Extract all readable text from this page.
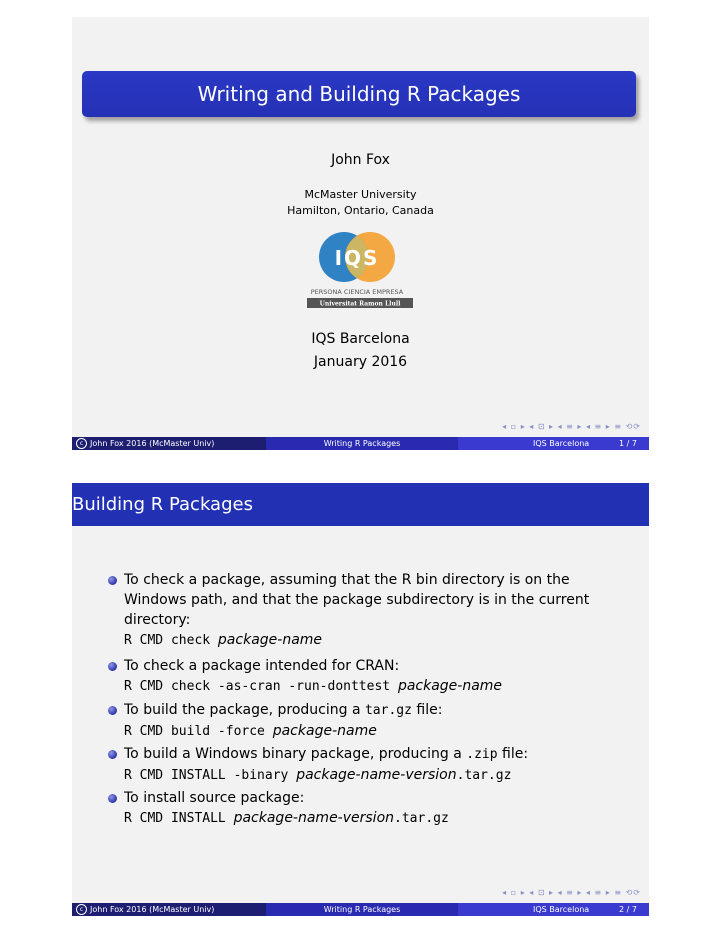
Writing and Building R Packages
John Fox
McMaster University
Hamilton, Ontario, Canada
IQS
PERSONA CIENCIA EMPRESA
Universitat Ramon Llull
IQS Barcelona
January 2016
◂ ▫ ▸ ◂ ⊡ ▸ ◂ ≡ ▸ ◂ ≡ ▸ ≡ ⟲⟳
c John Fox 2016 (McMaster Univ)	Writing R Packages	IQS Barcelona	1 / 7
Building R Packages
To check a package, assuming that the R bin directory is on the
Windows path, and that the package subdirectory is in the current
directory:
R CMD check package-name
To check a package intended for CRAN:
R CMD check -as-cran -run-donttest package-name
To build the package, producing a tar.gz file:
R CMD build -force package-name
To build a Windows binary package, producing a .zip file:
R CMD INSTALL -binary package-name-version.tar.gz
To install source package:
R CMD INSTALL package-name-version.tar.gz
◂ ▫ ▸ ◂ ⊡ ▸ ◂ ≡ ▸ ◂ ≡ ▸ ≡ ⟲⟳
c John Fox 2016 (McMaster Univ)	Writing R Packages	IQS Barcelona	2 / 7
